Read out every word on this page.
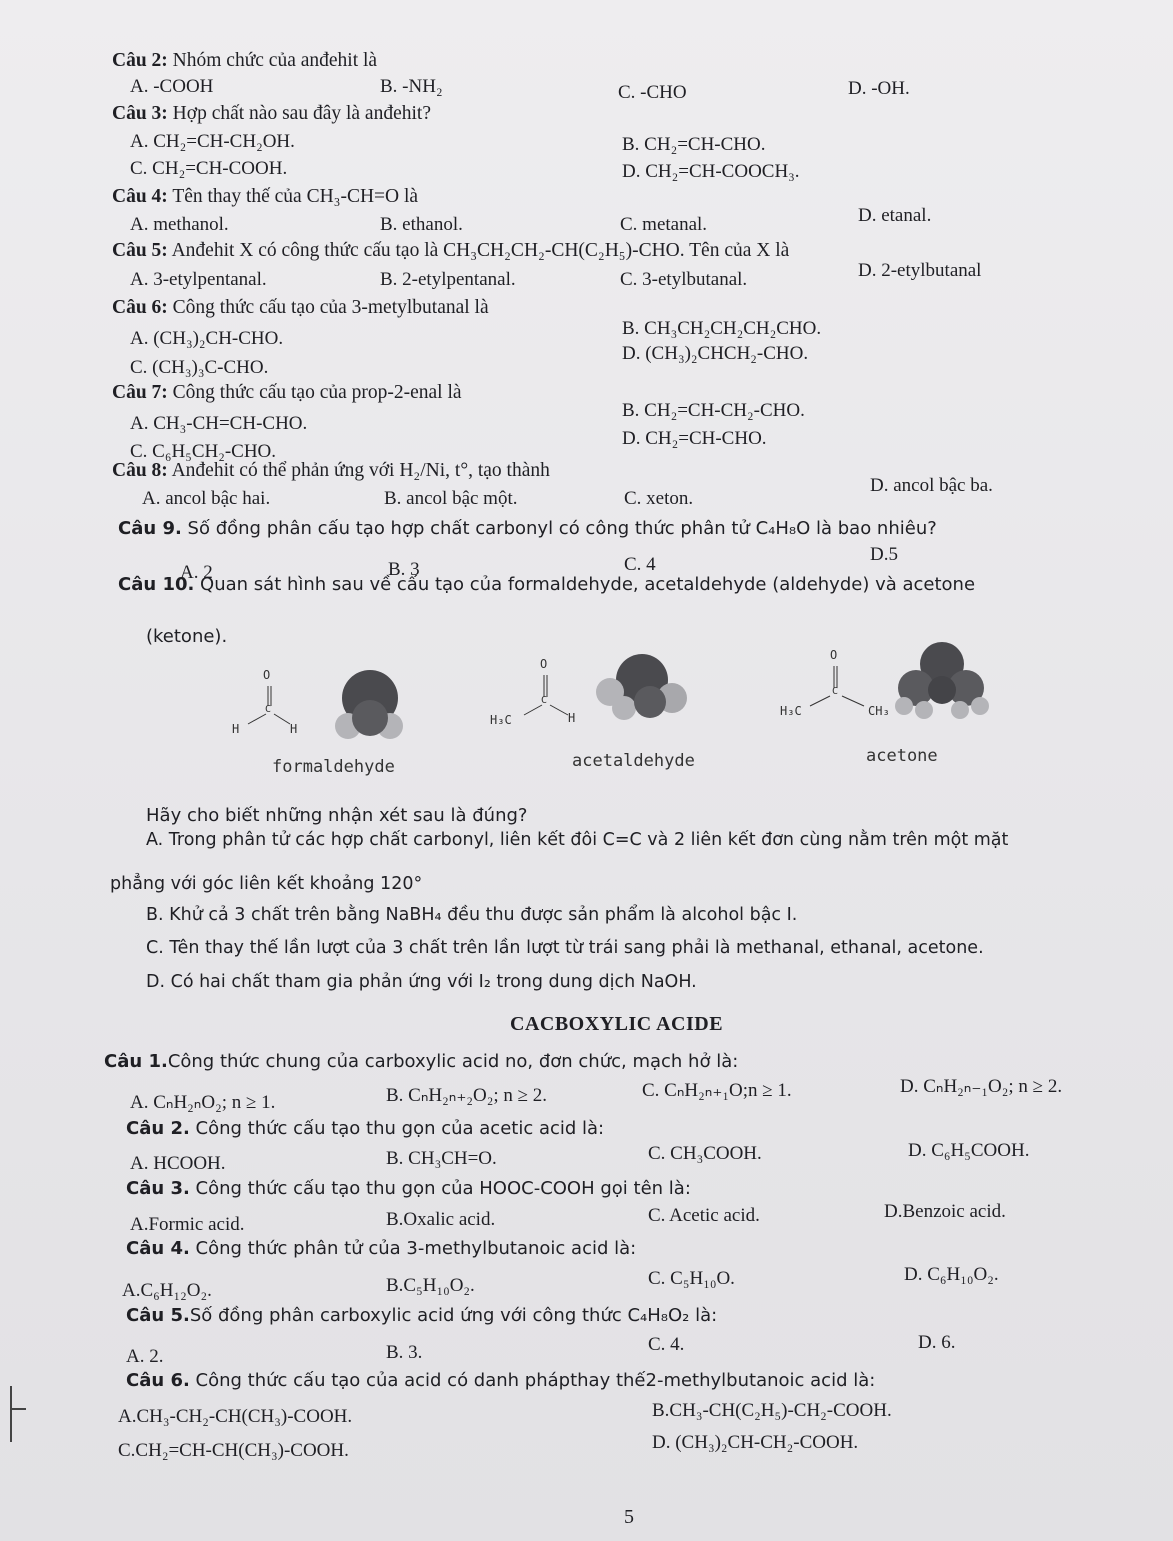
Câu 2: Nhóm chức của anđehit là
A. -COOH	B. -NH₂	C. -CHO	D. -OH.
Câu 3: Hợp chất nào sau đây là anđehit?
A. CH₂=CH-CH₂OH.	B. CH₂=CH-CHO.
C. CH₂=CH-COOH.	D. CH₂=CH-COOCH₃.
Câu 4: Tên thay thế của CH₃-CH=O là
A. methanol.	B. ethanol.	C. metanal.	D. etanal.
Câu 5: Anđehit X có công thức cấu tạo là CH₃CH₂CH₂-CH(C₂H₅)-CHO. Tên của X là
A. 3-etylpentanal.	B. 2-etylpentanal.	C. 3-etylbutanal.	D. 2-etylbutanal
Câu 6: Công thức cấu tạo của 3-metylbutanal là
A. (CH₃)₂CH-CHO.	B. CH₃CH₂CH₂CH₂CHO.
C. (CH₃)₃C-CHO.
D. (CH₃)₂CHCH₂-CHO.
Câu 7: Công thức cấu tạo của prop-2-enal là
A. CH₃-CH=CH-CHO.
B. CH₂=CH-CH₂-CHO.
C. C₆H₅CH₂-CHO.
D. CH₂=CH-CHO.
Câu 8: Anđehit có thể phản ứng với H₂/Ni, t°, tạo thành
A. ancol bậc hai.	B. ancol bậc một.	C. xeton.
D. ancol bậc ba.
Câu 9. Số đồng phân cấu tạo hợp chất carbonyl có công thức phân tử C₄H₈O là bao nhiêu?
A. 2	B. 3	C. 4	D.5
Câu 10. Quan sát hình sau về cấu tạo của formaldehyde, acetaldehyde (aldehyde) và acetone
(ketone).
O
C
H	H
formaldehyde
O
C
H₃C	H
acetaldehyde
O
C
H₃C	CH₃
acetone
Hãy cho biết những nhận xét sau là đúng?
A. Trong phân tử các hợp chất carbonyl, liên kết đôi C=C và 2 liên kết đơn cùng nằm trên một mặt
phẳng với góc liên kết khoảng 120°
B. Khử cả 3 chất trên bằng NaBH₄ đều thu được sản phẩm là alcohol bậc I.
C. Tên thay thế lần lượt của 3 chất trên lần lượt từ trái sang phải là methanal, ethanal, acetone.
D. Có hai chất tham gia phản ứng với I₂ trong dung dịch NaOH.
CACBOXYLIC ACIDE
Câu 1.Công thức chung của carboxylic acid no, đơn chức, mạch hở là:
A. CₙH₂ₙO₂; n ≥ 1.	B. CₙH₂ₙ₊₂O₂; n ≥ 2.	C. CₙH₂ₙ₊₁O;n ≥ 1.	D. CₙH₂ₙ₋₁O₂; n ≥ 2.
Câu 2. Công thức cấu tạo thu gọn của acetic acid là:
A. HCOOH.	B. CH₃CH=O.	C. CH₃COOH.	D. C₆H₅COOH.
Câu 3. Công thức cấu tạo thu gọn của HOOC-COOH gọi tên là:
A.Formic acid.	B.Oxalic acid.	C. Acetic acid.	D.Benzoic acid.
Câu 4. Công thức phân tử của 3-methylbutanoic acid là:
A.C₆H₁₂O₂.	B.C₅H₁₀O₂.	C. C₅H₁₀O.	D. C₆H₁₀O₂.
Câu 5.Số đồng phân carboxylic acid ứng với công thức C₄H₈O₂ là:
A. 2.	B. 3.	C. 4.	D. 6.
Câu 6. Công thức cấu tạo của acid có danh phápthay thế2-methylbutanoic acid là:
A.CH₃-CH₂-CH(CH₃)-COOH.	B.CH₃-CH(C₂H₅)-CH₂-COOH.
C.CH₂=CH-CH(CH₃)-COOH.	D. (CH₃)₂CH-CH₂-COOH.
5
